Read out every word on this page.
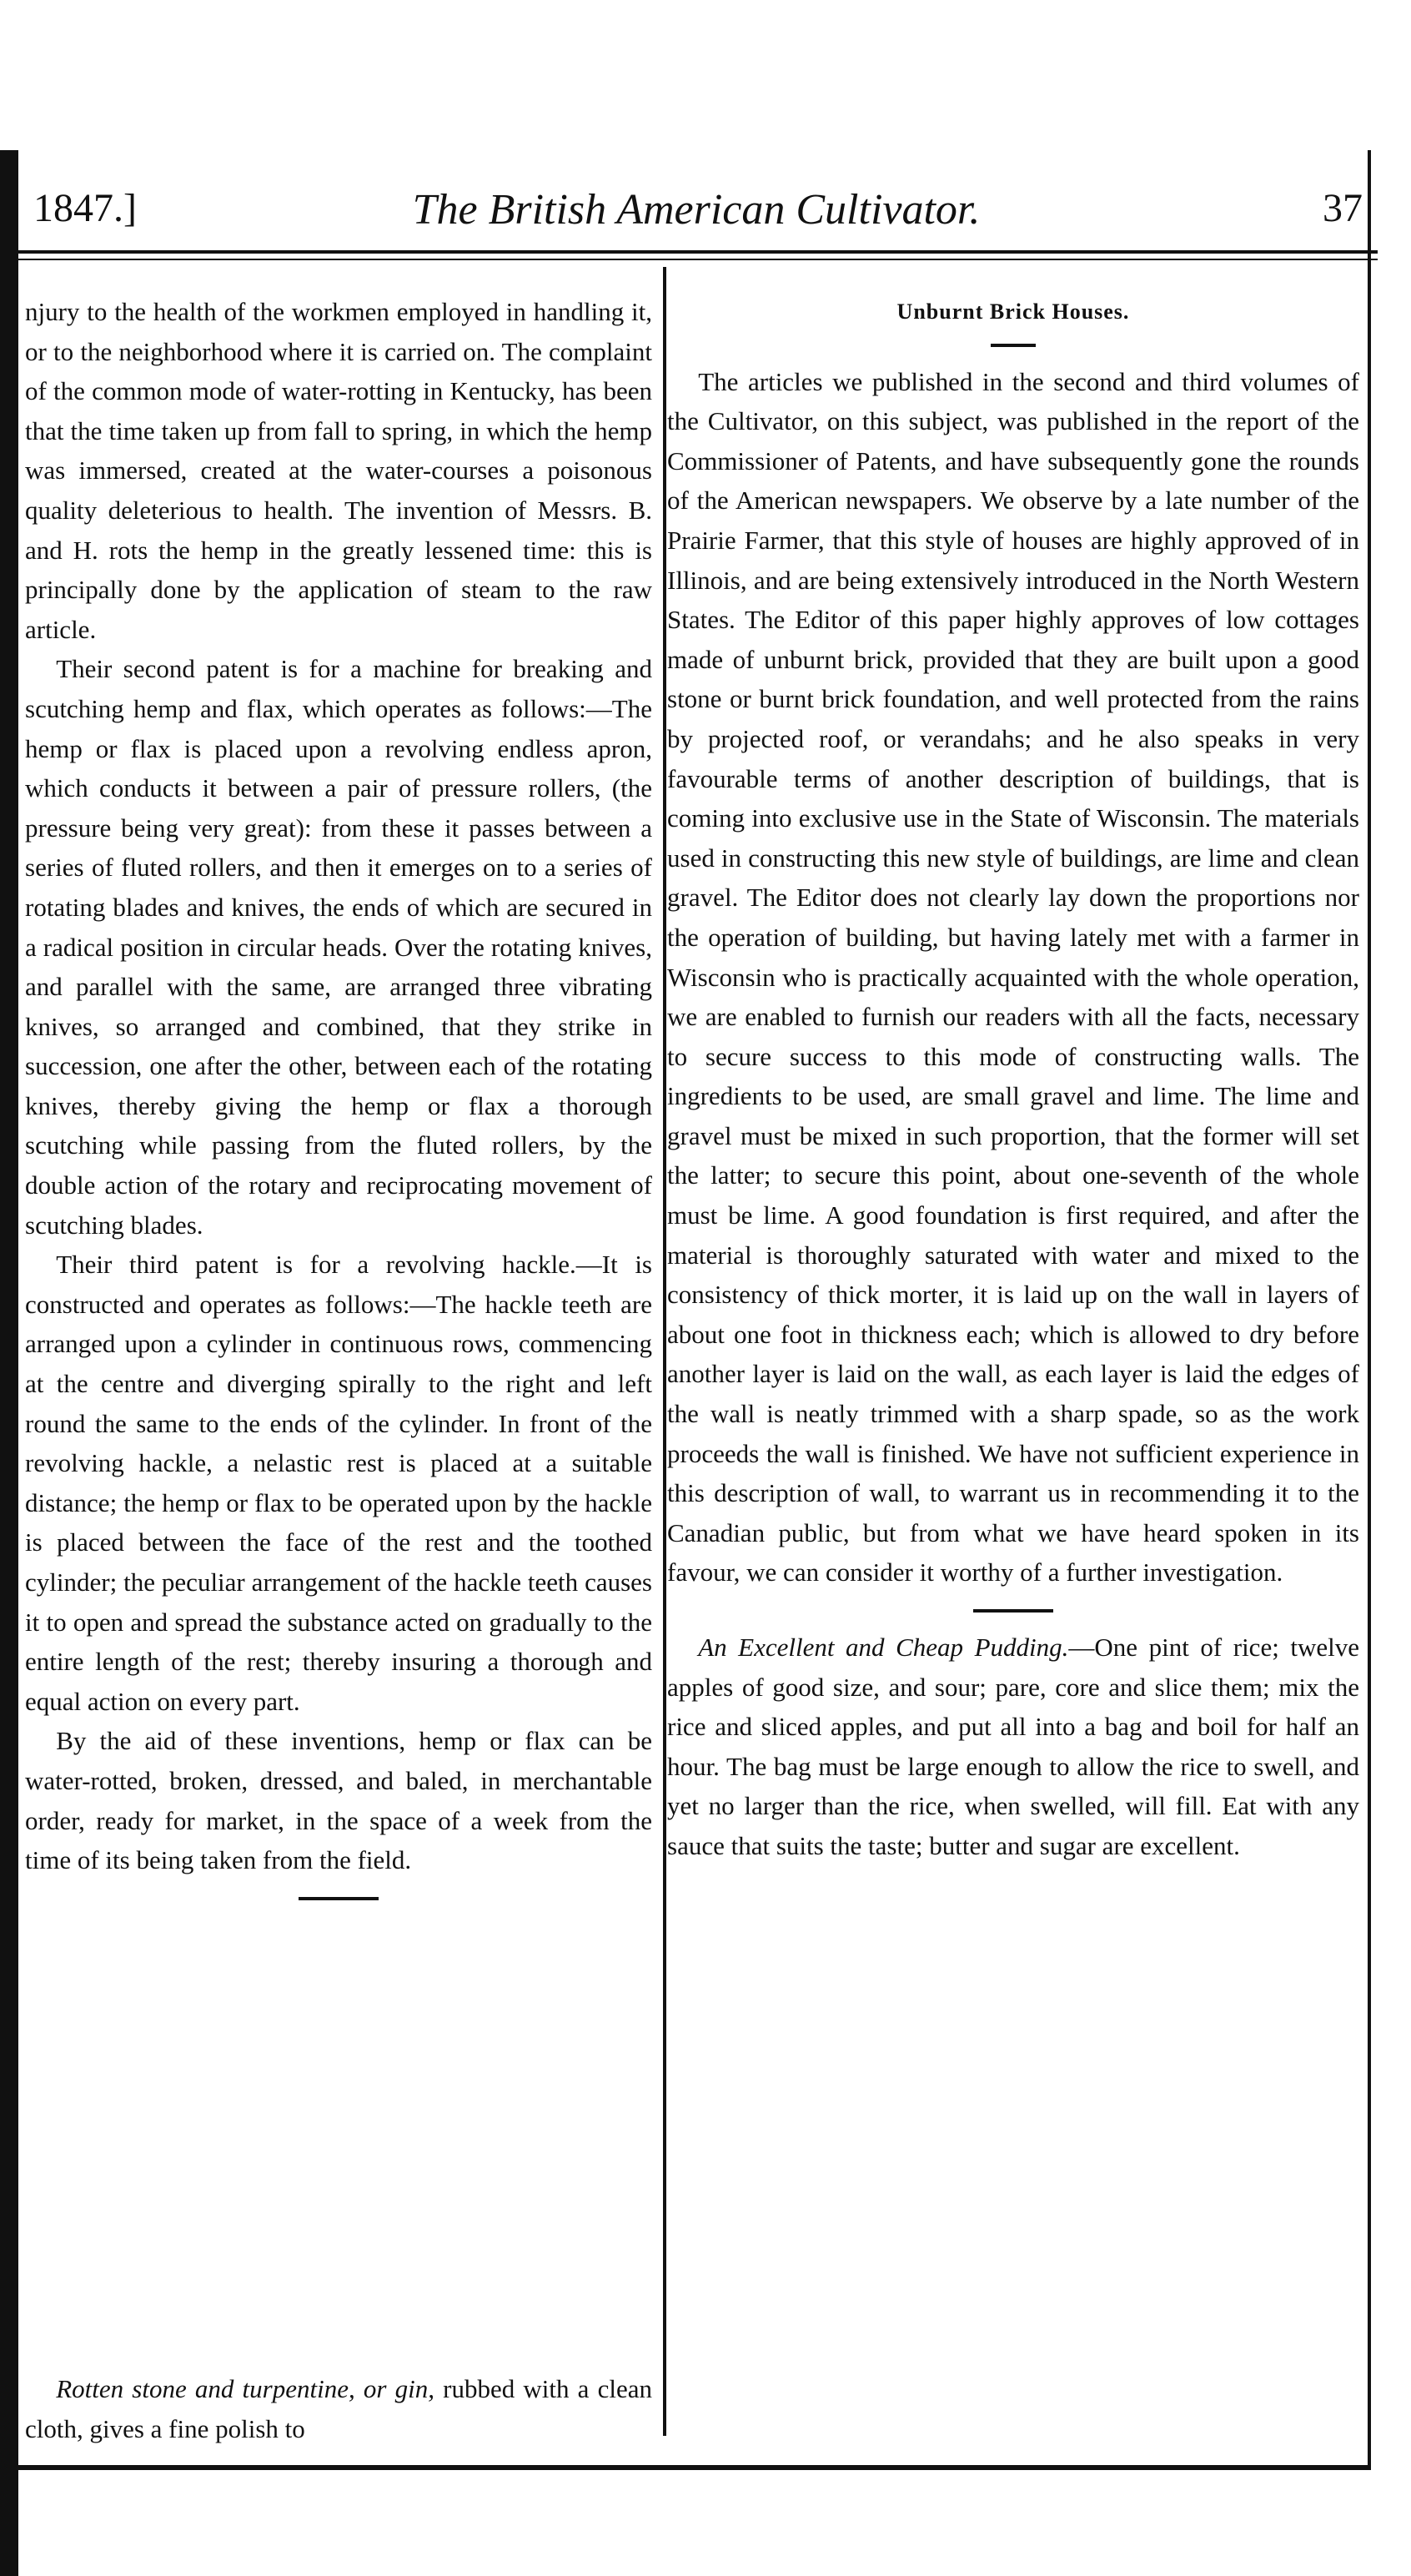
1847.]	The British American Cultivator.	37

njury to the health of the workmen employed in handling it, or to the neighborhood where it is carried on. The complaint of the common mode of water-rotting in Kentucky, has been that the time taken up from fall to spring, in which the hemp was immersed, created at the water-courses a poisonous quality deleterious to health. The invention of Messrs. B. and H. rots the hemp in the greatly lessened time: this is principally done by the application of steam to the raw article.

Their second patent is for a machine for breaking and scutching hemp and flax, which operates as follows:—The hemp or flax is placed upon a revolving endless apron, which conducts it between a pair of pressure rollers, (the pressure being very great): from these it passes between a series of fluted rollers, and then it emerges on to a series of rotating blades and knives, the ends of which are secured in a radical position in circular heads. Over the rotating knives, and parallel with the same, are arranged three vibrating knives, so arranged and combined, that they strike in succession, one after the other, between each of the rotating knives, thereby giving the hemp or flax a thorough scutching while passing from the fluted rollers, by the double action of the rotary and reciprocating movement of scutching blades.

Their third patent is for a revolving hackle.—It is constructed and operates as follows:—The hackle teeth are arranged upon a cylinder in continuous rows, commencing at the centre and diverging spirally to the right and left round the same to the ends of the cylinder. In front of the revolving hackle, a nelastic rest is placed at a suitable distance; the hemp or flax to be operated upon by the hackle is placed between the face of the rest and the toothed cylinder; the peculiar arrangement of the hackle teeth causes it to open and spread the substance acted on gradually to the entire length of the rest; thereby insuring a thorough and equal action on every part.

By the aid of these inventions, hemp or flax can be water-rotted, broken, dressed, and baled, in merchantable order, ready for market, in the space of a week from the time of its being taken from the field.

Rotten stone and turpentine, or gin, rubbed with a clean cloth, gives a fine polish to

Unburnt Brick Houses.

The articles we published in the second and third volumes of the Cultivator, on this subject, was published in the report of the Commissioner of Patents, and have subsequently gone the rounds of the American newspapers. We observe by a late number of the Prairie Farmer, that this style of houses are highly approved of in Illinois, and are being extensively introduced in the North Western States. The Editor of this paper highly approves of low cottages made of unburnt brick, provided that they are built upon a good stone or burnt brick foundation, and well protected from the rains by projected roof, or verandahs; and he also speaks in very favourable terms of another description of buildings, that is coming into exclusive use in the State of Wisconsin. The materials used in constructing this new style of buildings, are lime and clean gravel. The Editor does not clearly lay down the proportions nor the operation of building, but having lately met with a farmer in Wisconsin who is practically acquainted with the whole operation, we are enabled to furnish our readers with all the facts, necessary to secure success to this mode of constructing walls. The ingredients to be used, are small gravel and lime. The lime and gravel must be mixed in such proportion, that the former will set the latter; to secure this point, about one-seventh of the whole must be lime. A good foundation is first required, and after the material is thoroughly saturated with water and mixed to the consistency of thick morter, it is laid up on the wall in layers of about one foot in thickness each; which is allowed to dry before another layer is laid on the wall, as each layer is laid the edges of the wall is neatly trimmed with a sharp spade, so as the work proceeds the wall is finished. We have not sufficient experience in this description of wall, to warrant us in recommending it to the Canadian public, but from what we have heard spoken in its favour, we can consider it worthy of a further investigation.

An Excellent and Cheap Pudding.—One pint of rice; twelve apples of good size, and sour; pare, core and slice them; mix the rice and sliced apples, and put all into a bag and boil for half an hour. The bag must be large enough to allow the rice to swell, and yet no larger than the rice, when swelled, will fill. Eat with any sauce that suits the taste; butter and sugar are excellent.
